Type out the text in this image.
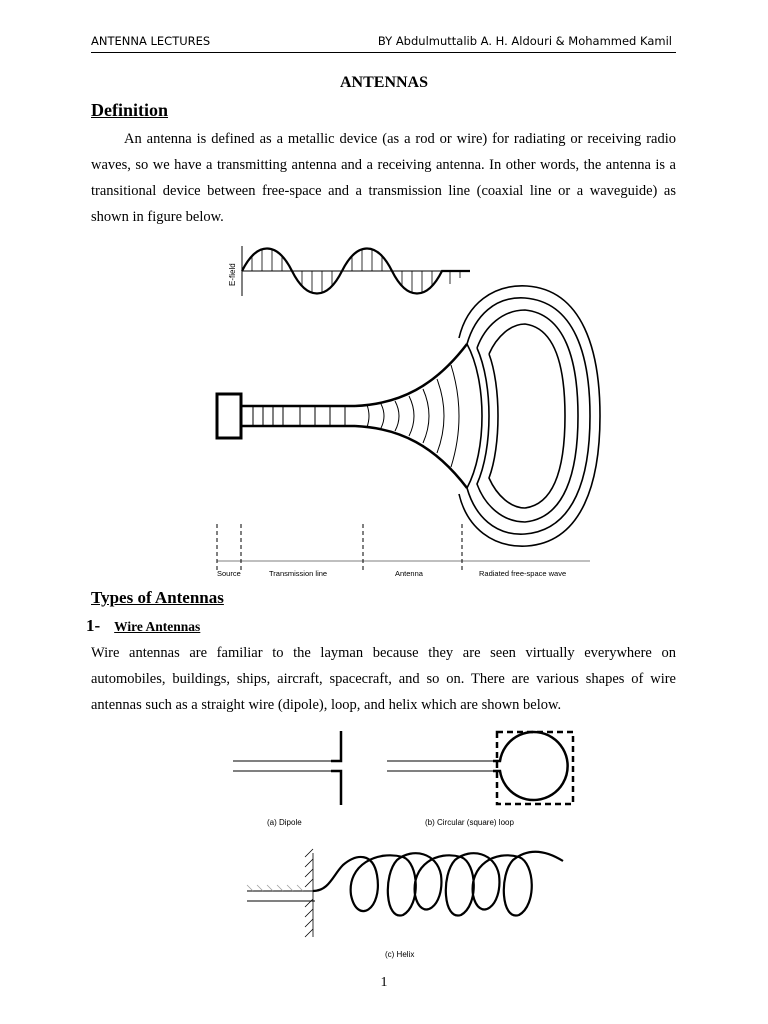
ANTENNA LECTURES	BY Abdulmuttalib A. H. Aldouri & Mohammed Kamil
ANTENNAS
Definition
An antenna is defined as a metallic device (as a rod or wire) for radiating or receiving radio waves, so we have a transmitting antenna and a receiving antenna. In other words, the antenna is a transitional device between free-space and a transmission line (coaxial line or a waveguide) as shown in figure below.
E-field
Source	Transmission line	Antenna	Radiated free-space wave
Types of Antennas
1- Wire Antennas
Wire antennas are familiar to the layman because they are seen virtually everywhere on automobiles, buildings, ships, aircraft, spacecraft, and so on. There are various shapes of wire antennas such as a straight wire (dipole), loop, and helix which are shown below.
(a) Dipole	(b) Circular (square) loop
(c) Helix
1
